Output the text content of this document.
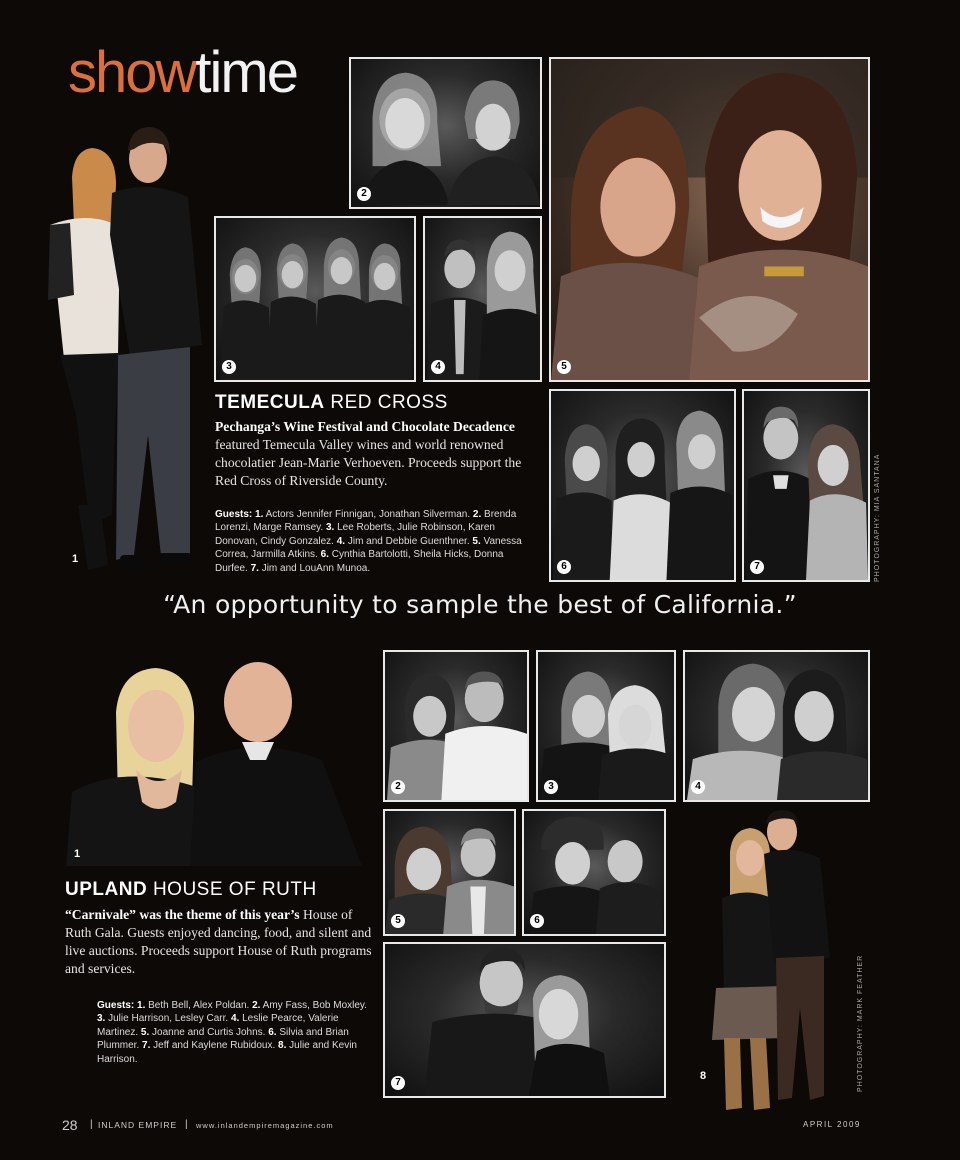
showtime
1
2
3	4	5
6	7
TEMECULA RED CROSS
Pechanga’s Wine Festival and Chocolate Decadence featured Temecula Valley wines and world renowned chocolatier Jean-Marie Verhoeven. Proceeds support the Red Cross of Riverside County.
Guests: 1. Actors Jennifer Finnigan, Jonathan Silverman. 2. Brenda Lorenzi, Marge Ramsey. 3. Lee Roberts, Julie Robinson, Karen Donovan, Cindy Gonzalez. 4. Jim and Debbie Guenthner. 5. Vanessa Correa, Jarmilla Atkins. 6. Cynthia Bartolotti, Sheila Hicks, Donna Durfee. 7. Jim and LouAnn Munoa.	PHOTOGRAPHY: MIA SANTANA
“An opportunity to sample the best of California.”
1
2	3	4
5	6
7
8
UPLAND HOUSE OF RUTH
“Carnivale” was the theme of this year’s House of Ruth Gala. Guests enjoyed dancing, food, and silent and live auctions. Proceeds support House of Ruth programs and services.
Guests: 1. Beth Bell, Alex Poldan. 2. Amy Fass, Bob Moxley. 3. Julie Harrison, Lesley Carr. 4. Leslie Pearce, Valerie Martinez. 5. Joanne and Curtis Johns. 6. Silvia and Brian Plummer. 7. Jeff and Kaylene Rubidoux. 8. Julie and Kevin Harrison.	PHOTOGRAPHY: MARK FEATHER
28 | INLAND EMPIRE | www.inlandempiremagazine.com	APRIL 2009
